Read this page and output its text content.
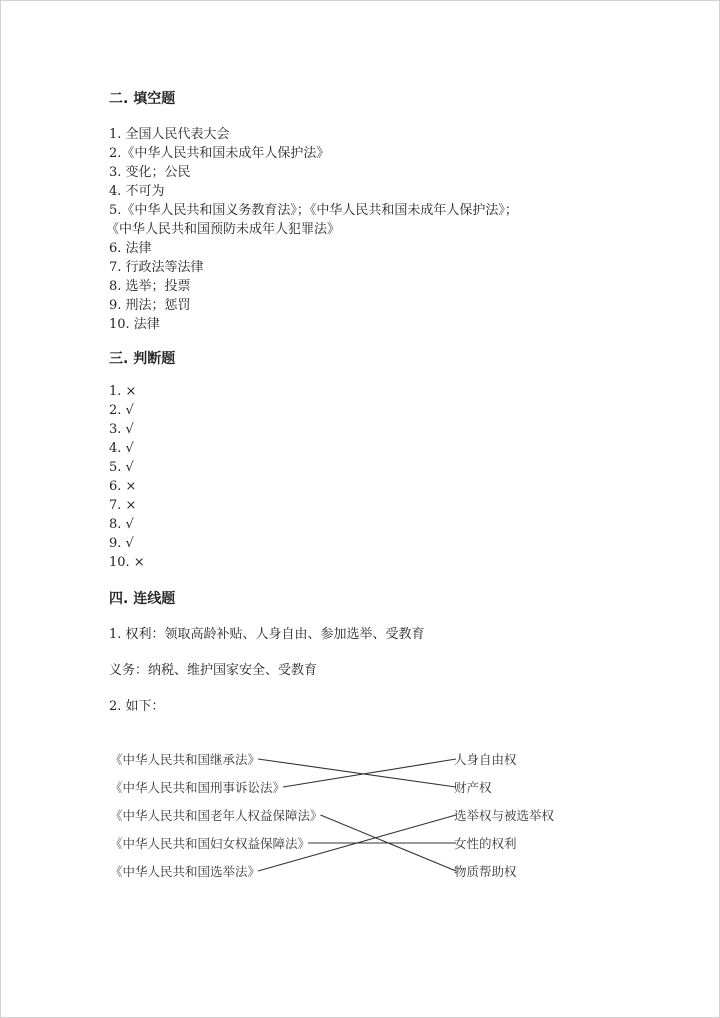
二. 填空题
1. 全国人民代表大会
2.《中华人民共和国未成年人保护法》
3. 变化；公民
4. 不可为
5.《中华人民共和国义务教育法》；《中华人民共和国未成年人保护法》；
《中华人民共和国预防未成年人犯罪法》
6. 法律
7. 行政法等法律
8. 选举；投票
9. 刑法；惩罚
10. 法律
三. 判断题
1. ×
2. √
3. √
4. √
5. √
6. ×
7. ×
8. √
9. √
10. ×
四. 连线题
1. 权利：领取高龄补贴、人身自由、参加选举、受教育
义务：纳税、维护国家安全、受教育
2. 如下：
《中华人民共和国继承法》
《中华人民共和国刑事诉讼法》
《中华人民共和国老年人权益保障法》
《中华人民共和国妇女权益保障法》
《中华人民共和国选举法》
人身自由权
财产权
选举权与被选举权
女性的权利
物质帮助权
